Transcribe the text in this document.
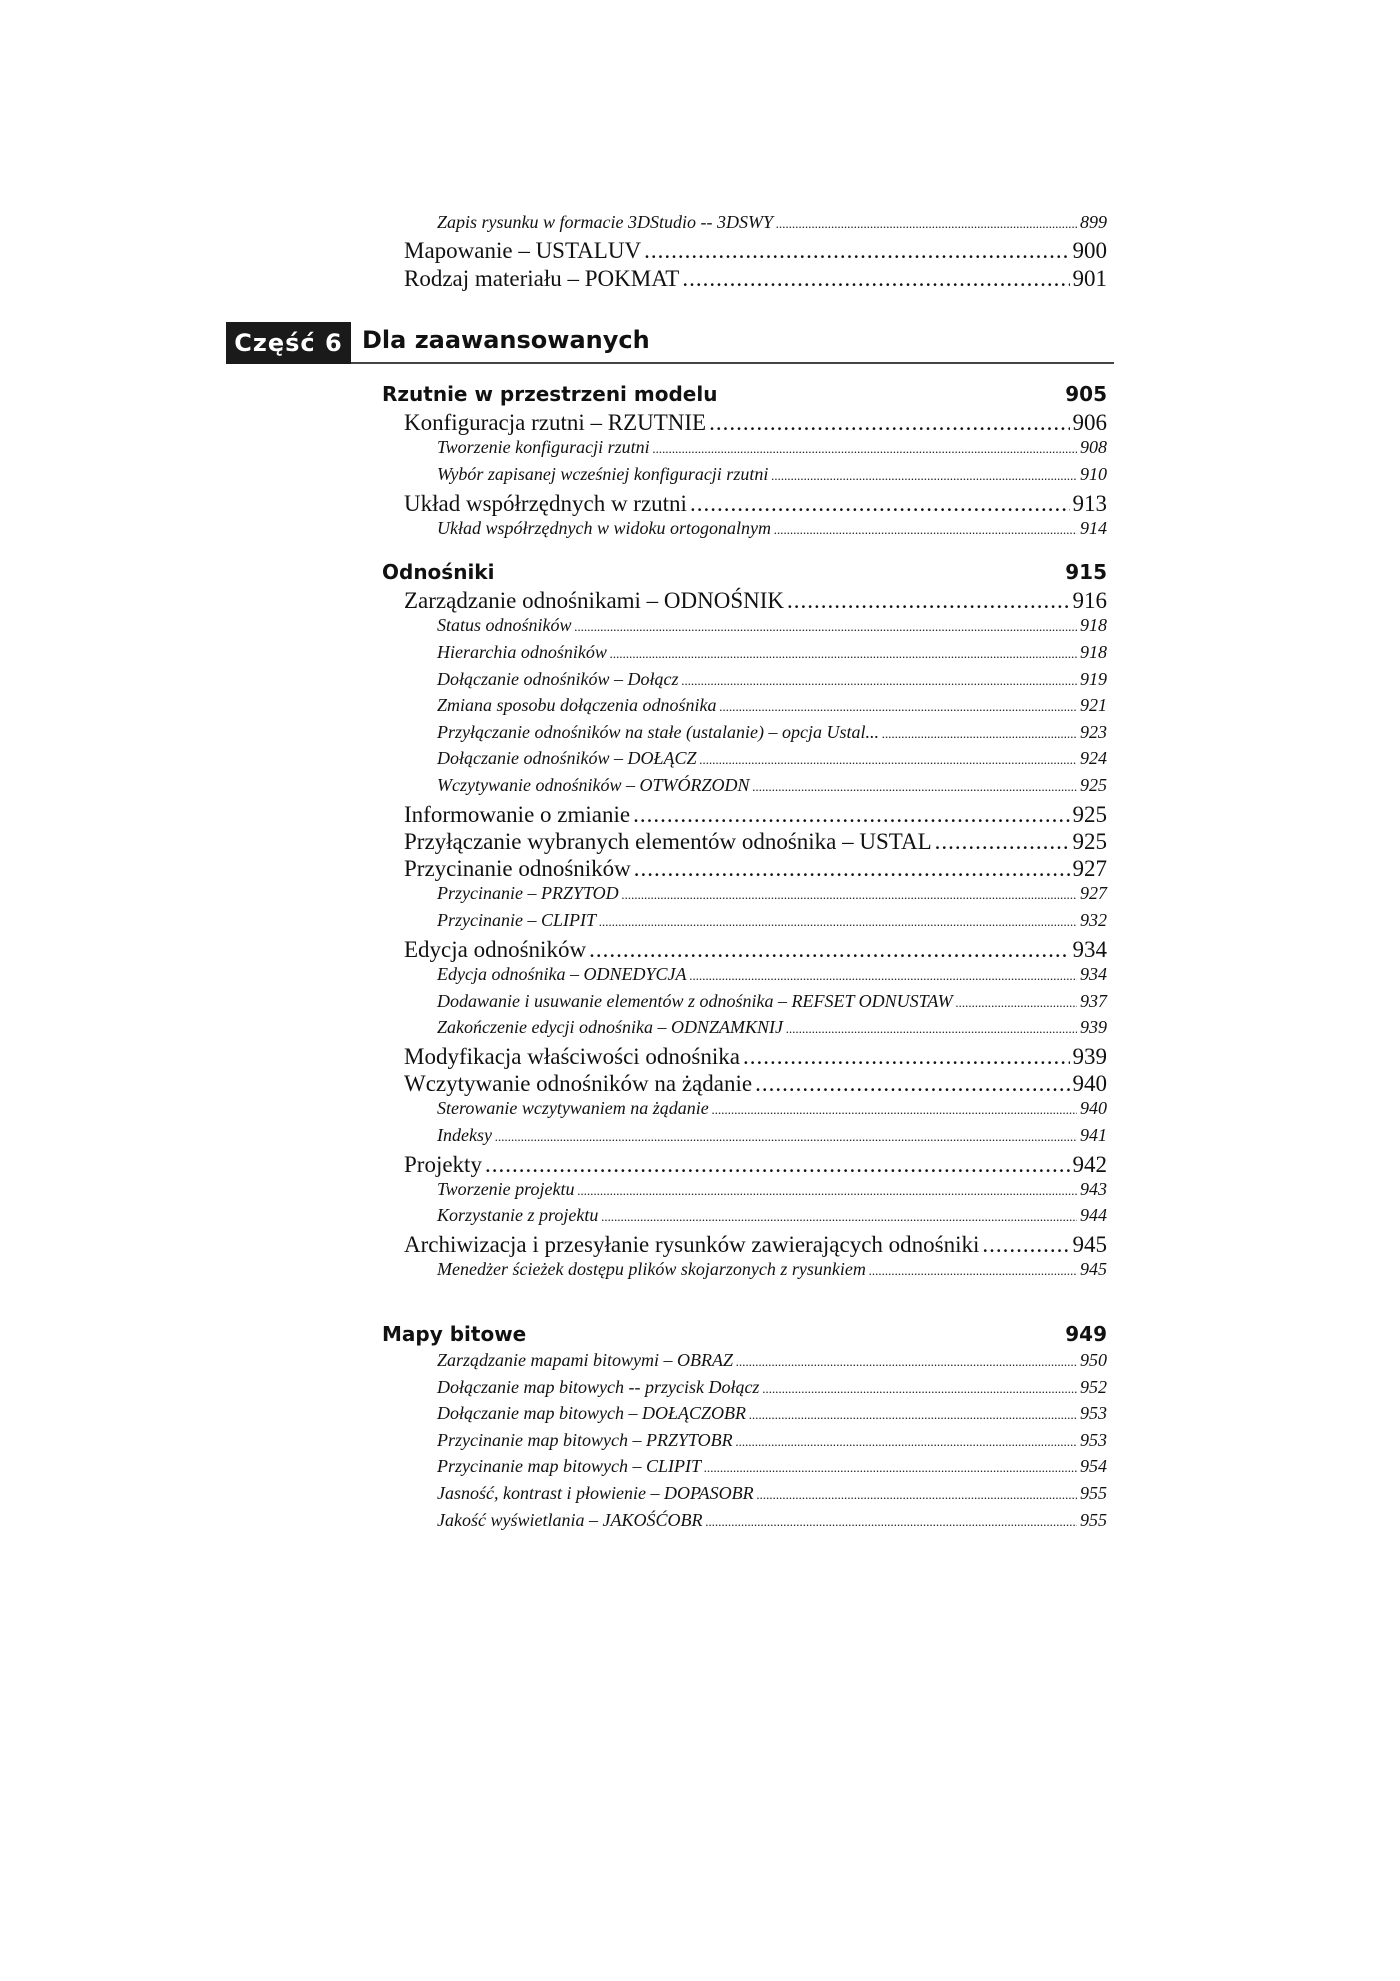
Zapis rysunku w formacie 3DStudio -- 3DSWY .....	899
Mapowanie – USTALUV .....	900
Rodzaj materiału – POKMAT .....	901
Część 6 Dla zaawansowanych
Rzutnie w przestrzeni modelu	905
Konfiguracja rzutni – RZUTNIE .....	906
Tworzenie konfiguracji rzutni .....	908
Wybór zapisanej wcześniej konfiguracji rzutni .....	910
Układ współrzędnych w rzutni .....	913
Układ współrzędnych w widoku ortogonalnym .....	914
Odnośniki	915
Zarządzanie odnośnikami – ODNOŚNIK .....	916
Status odnośników .....	918
Hierarchia odnośników .....	918
Dołączanie odnośników – Dołącz .....	919
Zmiana sposobu dołączenia odnośnika .....	921
Przyłączanie odnośników na stałe (ustalanie) – opcja Ustal... .....	923
Dołączanie odnośników – DOŁĄCZ .....	924
Wczytywanie odnośników – OTWÓRZODN .....	925
Informowanie o zmianie .....	925
Przyłączanie wybranych elementów odnośnika – USTAL .....	925
Przycinanie odnośników .....	927
Przycinanie – PRZYTOD .....	927
Przycinanie – CLIPIT .....	932
Edycja odnośników .....	934
Edycja odnośnika – ODNEDYCJA .....	934
Dodawanie i usuwanie elementów z odnośnika – REFSET ODNUSTAW .....	937
Zakończenie edycji odnośnika – ODNZAMKNIJ .....	939
Modyfikacja właściwości odnośnika .....	939
Wczytywanie odnośników na żądanie .....	940
Sterowanie wczytywaniem na żądanie .....	940
Indeksy .....	941
Projekty .....	942
Tworzenie projektu .....	943
Korzystanie z projektu .....	944
Archiwizacja i przesyłanie rysunków zawierających odnośniki .....	945
Menedżer ścieżek dostępu plików skojarzonych z rysunkiem .....	945
Mapy bitowe	949
Zarządzanie mapami bitowymi – OBRAZ .....	950
Dołączanie map bitowych -- przycisk Dołącz .....	952
Dołączanie map bitowych – DOŁĄCZOBR .....	953
Przycinanie map bitowych – PRZYTOBR .....	953
Przycinanie map bitowych – CLIPIT .....	954
Jasność, kontrast i płowienie – DOPASOBR .....	955
Jakość wyświetlania – JAKOŚĆOBR .....	955
